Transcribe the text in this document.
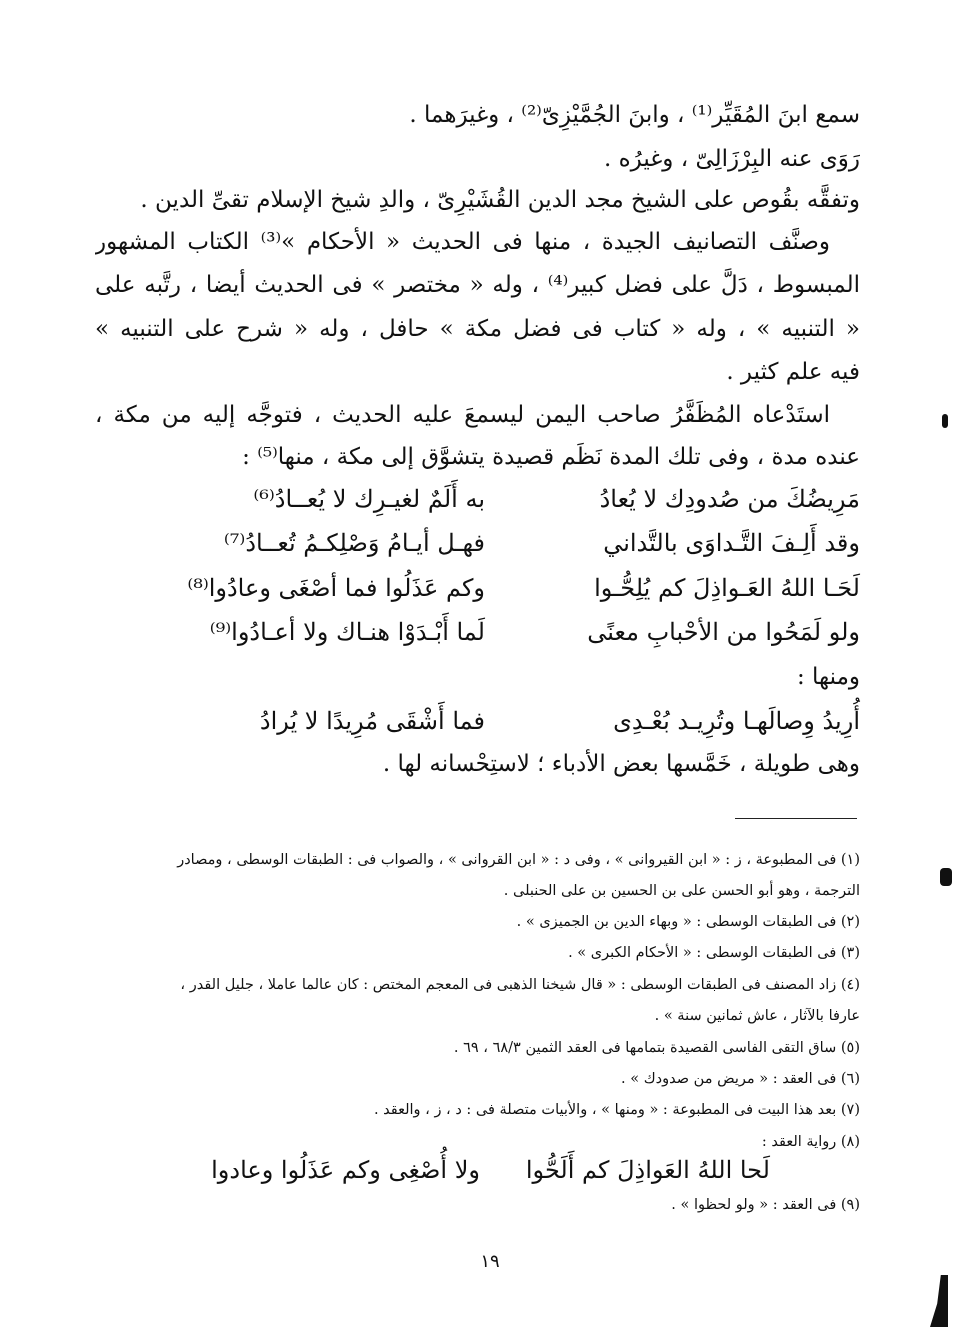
سمع ابنَ المُقَيِّر⁽¹⁾ ، وابنَ الجُمَّيْزِىّ⁽²⁾ ، وغيرَهما .
رَوَى عنه البِرْزَالِىّ ، وغيرُه .
وتفقَّه بقُوص على الشيخ مجد الدين القُشَيْرِىّ ، والدِ شيخ الإسلام تقىِّ الدين .
وصنَّف التصانيف الجيدة ، منها فى الحديث « الأحكام »⁽³⁾ الكتاب المشهور
المبسوط ، دَلَّ على فضل كبير⁽⁴⁾ ، وله « مختصر » فى الحديث أيضا ، رتَّبه على
« التنبيه » ، وله « كتاب فى فضل مكة » حافل ، وله « شرح على التنبيه »
فيه علم كثير .
استَدْعاه المُظَفَّرُ صاحب اليمن ليسمعَ عليه الحديث ، فتوجَّه إليه من مكة ،
عنده مدة ، وفى تلك المدة نَظَم قصيدة يتشوَّق إلى مكة ، منها⁽⁵⁾ :
مَرِيضُكَ من صُدودِك لا يُعادُ
به أَلَمٌ لغيـرِك لا يُعــادُ⁽⁶⁾
وقد أَلِـفَ التَّـداوَى بالتَّداني
فهـل أيـامُ وَصْلِكـمُ تُعــادُ⁽⁷⁾
لَحَـا اللهُ العَـواذِلَ كم يُلِحُّـوا
وكم عَذَلُوا فما أصْغَى وعادُوا⁽⁸⁾
ولو لَمَحُوا من الأحْبابِ معنًى
لَما أَبْـدَوْا هنـاك ولا أعـادُوا⁽⁹⁾
ومنها :
أُرِيدُ وِصالَهـا وتُرِيـد بُعْـدِى
فما أَشْقَى مُرِيدًا لا يُرادُ
وهى طويلة ، خَمَّسها بعض الأدباء ؛ لاستِحْسانه لها .
(١) فى المطبوعة ، ز : « ابن القيروانى » ، وفى د : « ابن القروانى » ، والصواب فى : الطبقات الوسطى ، ومصادر
الترجمة ، وهو أبو الحسن على بن الحسين بن على الحنبلى .
(٢) فى الطبقات الوسطى : « وبهاء الدين بن الجميزى » .
(٣) فى الطبقات الوسطى : « الأحكام الكبرى » .
(٤) زاد المصنف فى الطبقات الوسطى : « قال شيخنا الذهبى فى المعجم المختص : كان عالما عاملا ، جليل القدر ،
عارفا بالآثار ، عاش ثمانين سنة » .
(٥) ساق التقى الفاسى القصيدة بتمامها فى العقد الثمين ٦٨/٣ ، ٦٩ .
(٦) فى العقد : « مريض من صدودك » .
(٧) بعد هذا البيت فى المطبوعة : « ومنها » ، والأبيات متصلة فى : د ، ز ، والعقد .
(٨) رواية العقد :
لَحا اللهُ العَواذِلَ كم أَلَحُّوا
ولا أُصْغِى وكم عَذَلُوا وعادوا
(٩) فى العقد : « ولو لحظوا » .
١٩
